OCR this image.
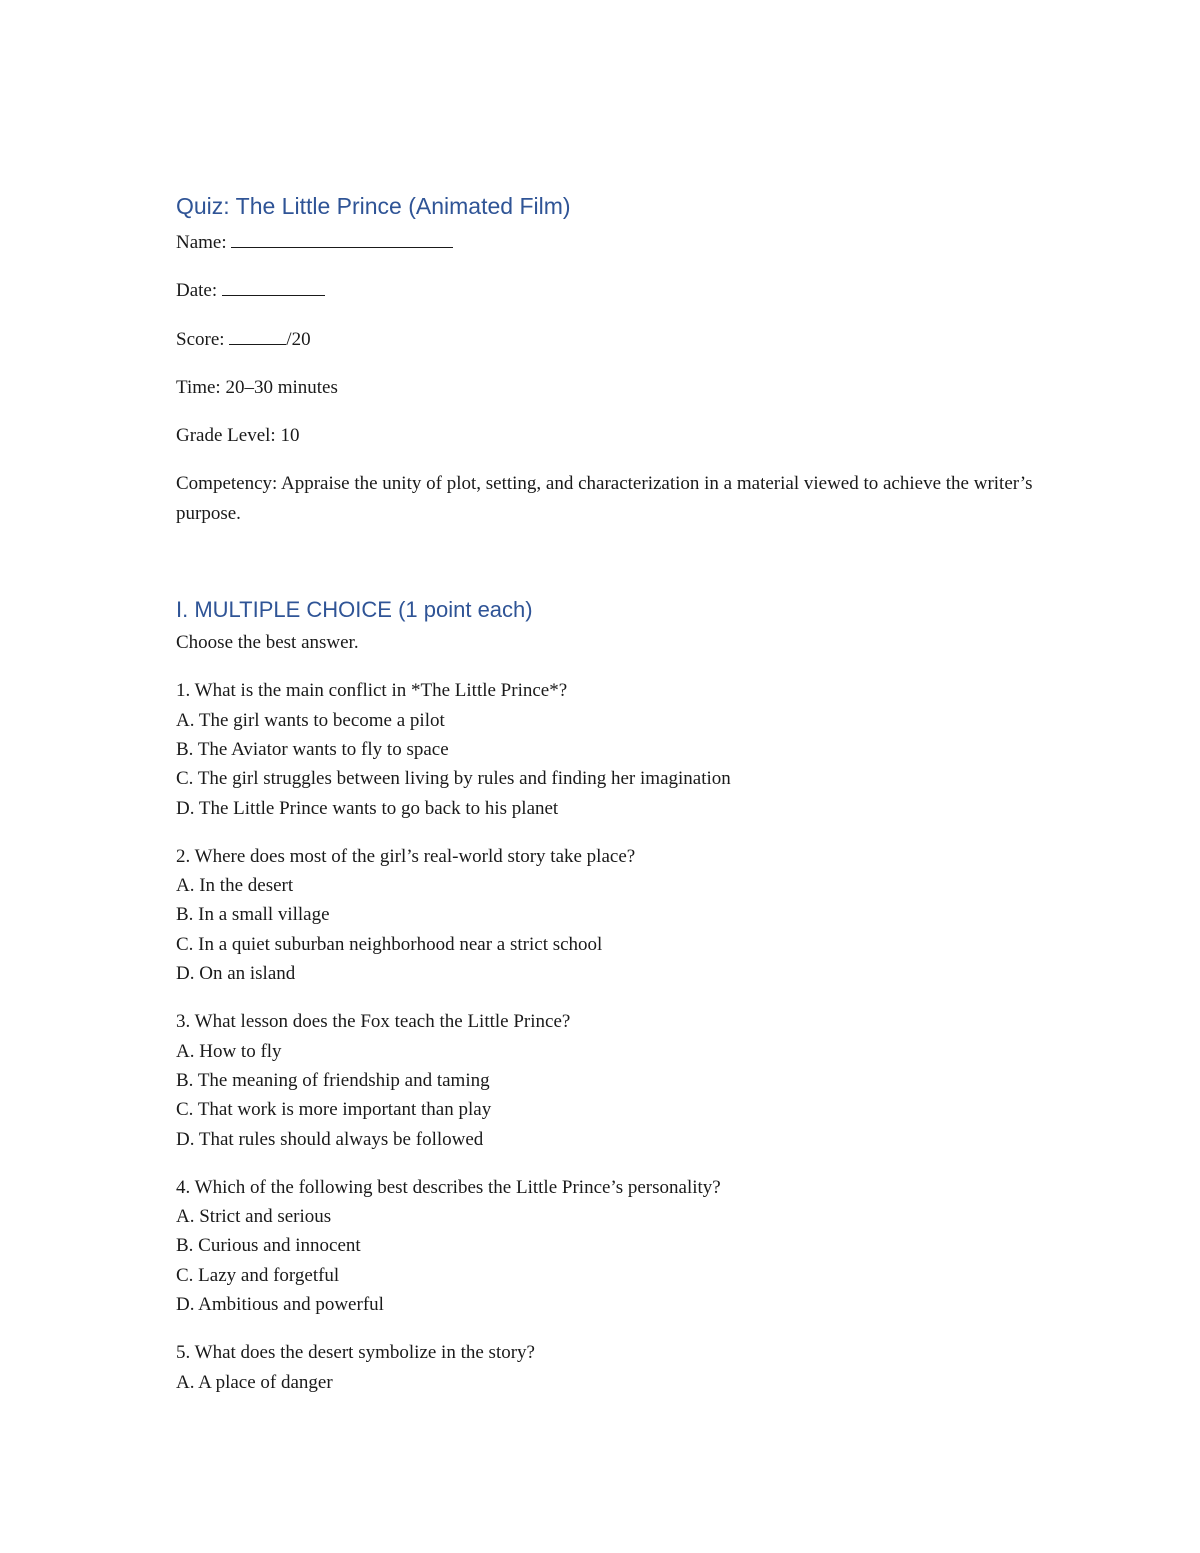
Quiz: The Little Prince (Animated Film)

Name:

Date:

Score:	/20

Time: 20–30 minutes

Grade Level: 10

Competency: Appraise the unity of plot, setting, and characterization in a material viewed to achieve the writer’s purpose.

I. MULTIPLE CHOICE (1 point each)

Choose the best answer.

1. What is the main conflict in *The Little Prince*?

A. The girl wants to become a pilot

B. The Aviator wants to fly to space

C. The girl struggles between living by rules and finding her imagination

D. The Little Prince wants to go back to his planet

2. Where does most of the girl’s real-world story take place?

A. In the desert

B. In a small village

C. In a quiet suburban neighborhood near a strict school

D. On an island

3. What lesson does the Fox teach the Little Prince?

A. How to fly

B. The meaning of friendship and taming

C. That work is more important than play

D. That rules should always be followed

4. Which of the following best describes the Little Prince’s personality?

A. Strict and serious

B. Curious and innocent

C. Lazy and forgetful

D. Ambitious and powerful

5. What does the desert symbolize in the story?

A. A place of danger
